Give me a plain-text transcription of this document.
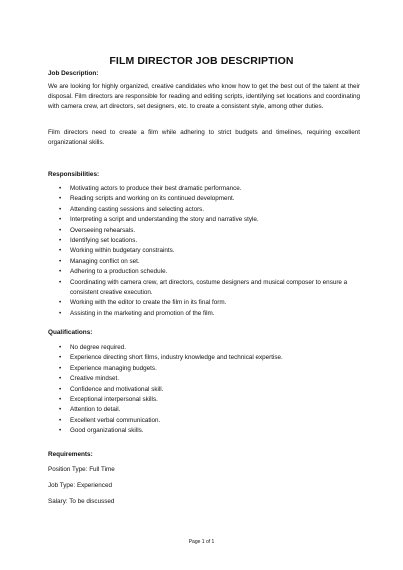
FILM DIRECTOR JOB DESCRIPTION
Job Description:

We are looking for highly organized, creative candidates who know how to get the best out of the talent at their disposal. Film directors are responsible for reading and editing scripts, identifying set locations and coordinating with camera crew, art directors, set designers, etc. to create a consistent style, among other duties.

Film directors need to create a film while adhering to strict budgets and timelines, requiring excellent organizational skills.

Responsibilities:
• Motivating actors to produce their best dramatic performance.
• Reading scripts and working on its continued development.
• Attending casting sessions and selecting actors.
• Interpreting a script and understanding the story and narrative style.
• Overseeing rehearsals.
• Identifying set locations.
• Working within budgetary constraints.
• Managing conflict on set.
• Adhering to a production schedule.
• Coordinating with camera crew, art directors, costume designers and musical composer to ensure a consistent creative execution.
• Working with the editor to create the film in its final form.
• Assisting in the marketing and promotion of the film.
Qualifications:
• No degree required.
• Experience directing short films, industry knowledge and technical expertise.
• Experience managing budgets.
• Creative mindset.
• Confidence and motivational skill.
• Exceptional interpersonal skills.
• Attention to detail.
• Excellent verbal communication.
• Good organizational skills.
Requirements:
Position Type: Full Time
Job Type: Experienced
Salary: To be discussed
Page 1 of 1
